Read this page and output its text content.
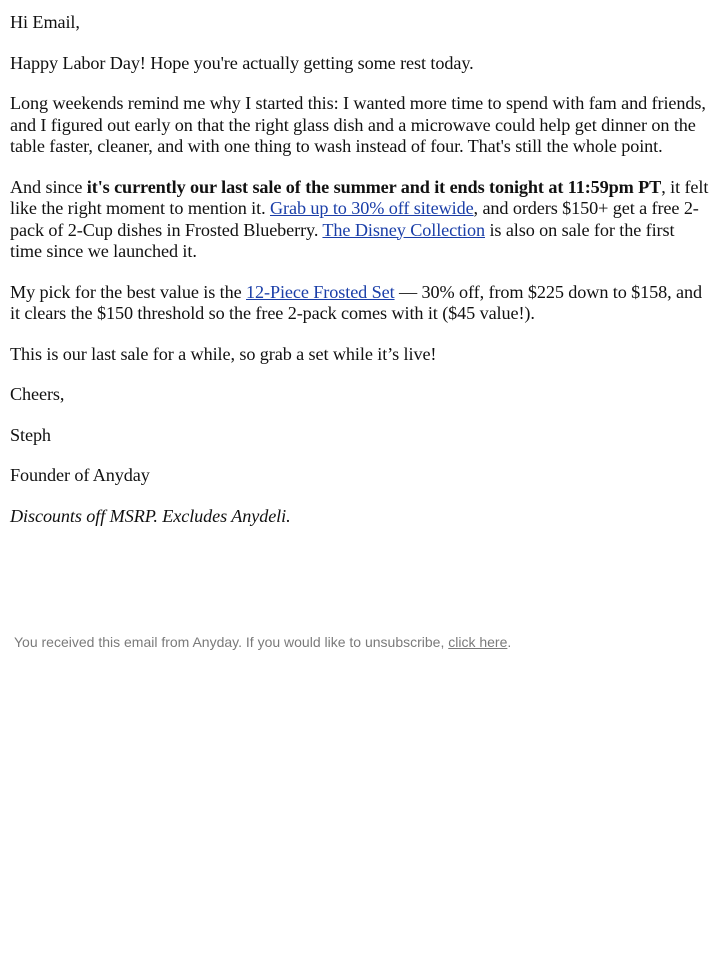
Hi Email,

Happy Labor Day! Hope you're actually getting some rest today.

Long weekends remind me why I started this: I wanted more time to spend with fam and friends, and I figured out early on that the right glass dish and a microwave could help get dinner on the table faster, cleaner, and with one thing to wash instead of four. That's still the whole point.

And since it's currently our last sale of the summer and it ends tonight at 11:59pm PT, it felt like the right moment to mention it. Grab up to 30% off sitewide, and orders $150+ get a free 2-pack of 2-Cup dishes in Frosted Blueberry. The Disney Collection is also on sale for the first time since we launched it.

My pick for the best value is the 12-Piece Frosted Set — 30% off, from $225 down to $158, and it clears the $150 threshold so the free 2-pack comes with it ($45 value!).

This is our last sale for a while, so grab a set while it’s live!

Cheers,

Steph

Founder of Anyday

Discounts off MSRP. Excludes Anydeli.

You received this email from Anyday. If you would like to unsubscribe, click here.
